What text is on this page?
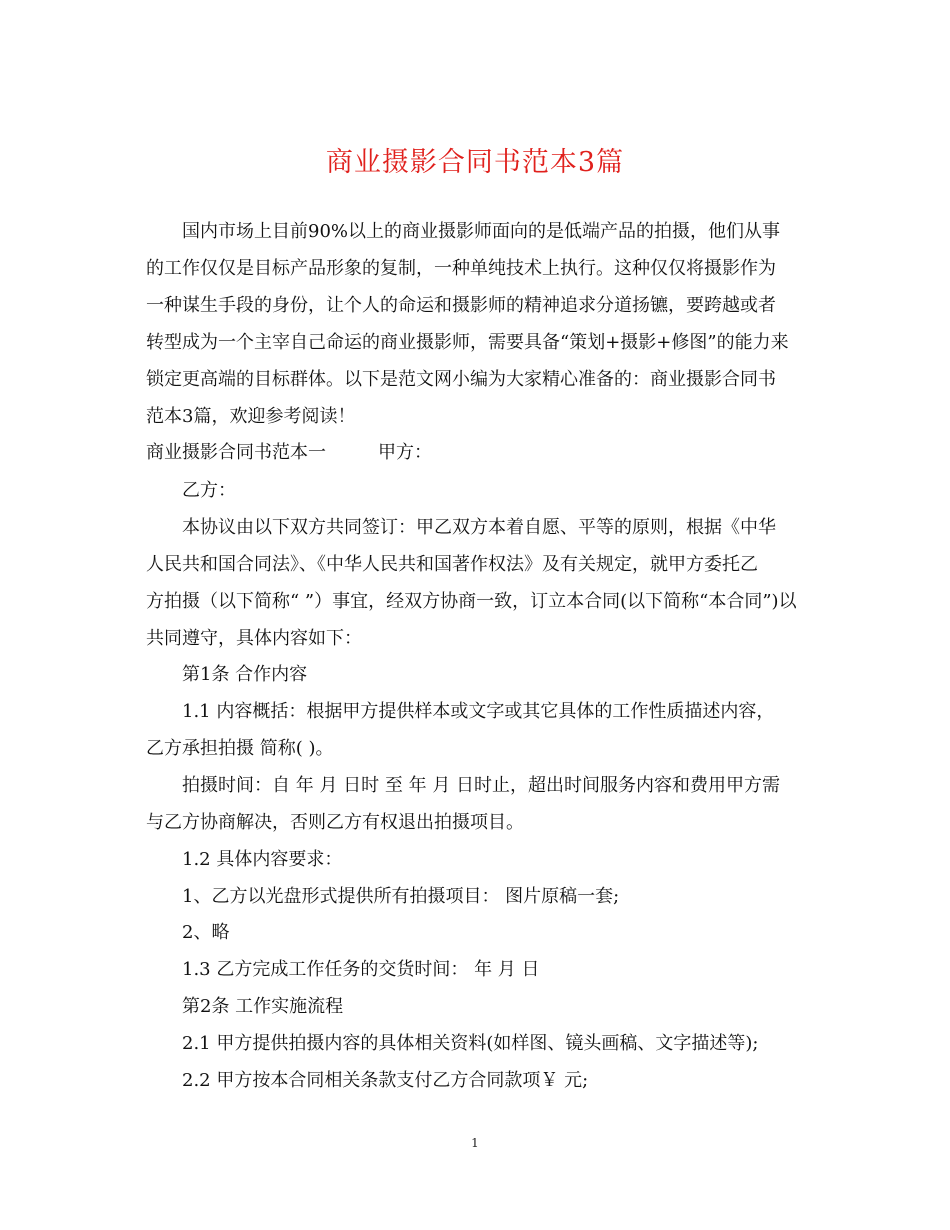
商业摄影合同书范本3篇
国内市场上目前90%以上的商业摄影师面向的是低端产品的拍摄，他们从事
的工作仅仅是目标产品形象的复制，一种单纯技术上执行。这种仅仅将摄影作为
一种谋生手段的身份，让个人的命运和摄影师的精神追求分道扬镳，要跨越或者
转型成为一个主宰自己命运的商业摄影师，需要具备“策划+摄影+修图”的能力来
锁定更高端的目标群体。以下是范文网小编为大家精心准备的：商业摄影合同书
范本3篇，欢迎参考阅读！
商业摄影合同书范本一	甲方：
乙方：
本协议由以下双方共同签订：甲乙双方本着自愿、平等的原则，根据《中华
人民共和国合同法》、《中华人民共和国著作权法》及有关规定，就甲方委托乙
方拍摄（以下简称“ ”）事宜，经双方协商一致，订立本合同(以下简称“本合同”)以
共同遵守，具体内容如下：
第1条 合作内容
1.1 内容概括：根据甲方提供样本或文字或其它具体的工作性质描述内容，
乙方承担拍摄 简称( )。
拍摄时间：自 年 月 日时 至 年 月 日时止，超出时间服务内容和费用甲方需
与乙方协商解决，否则乙方有权退出拍摄项目。
1.2 具体内容要求：
1、乙方以光盘形式提供所有拍摄项目： 图片原稿一套;
2、略
1.3 乙方完成工作任务的交货时间： 年 月 日
第2条 工作实施流程
2.1 甲方提供拍摄内容的具体相关资料(如样图、镜头画稿、文字描述等);
2.2 甲方按本合同相关条款支付乙方合同款项￥ 元;
1
